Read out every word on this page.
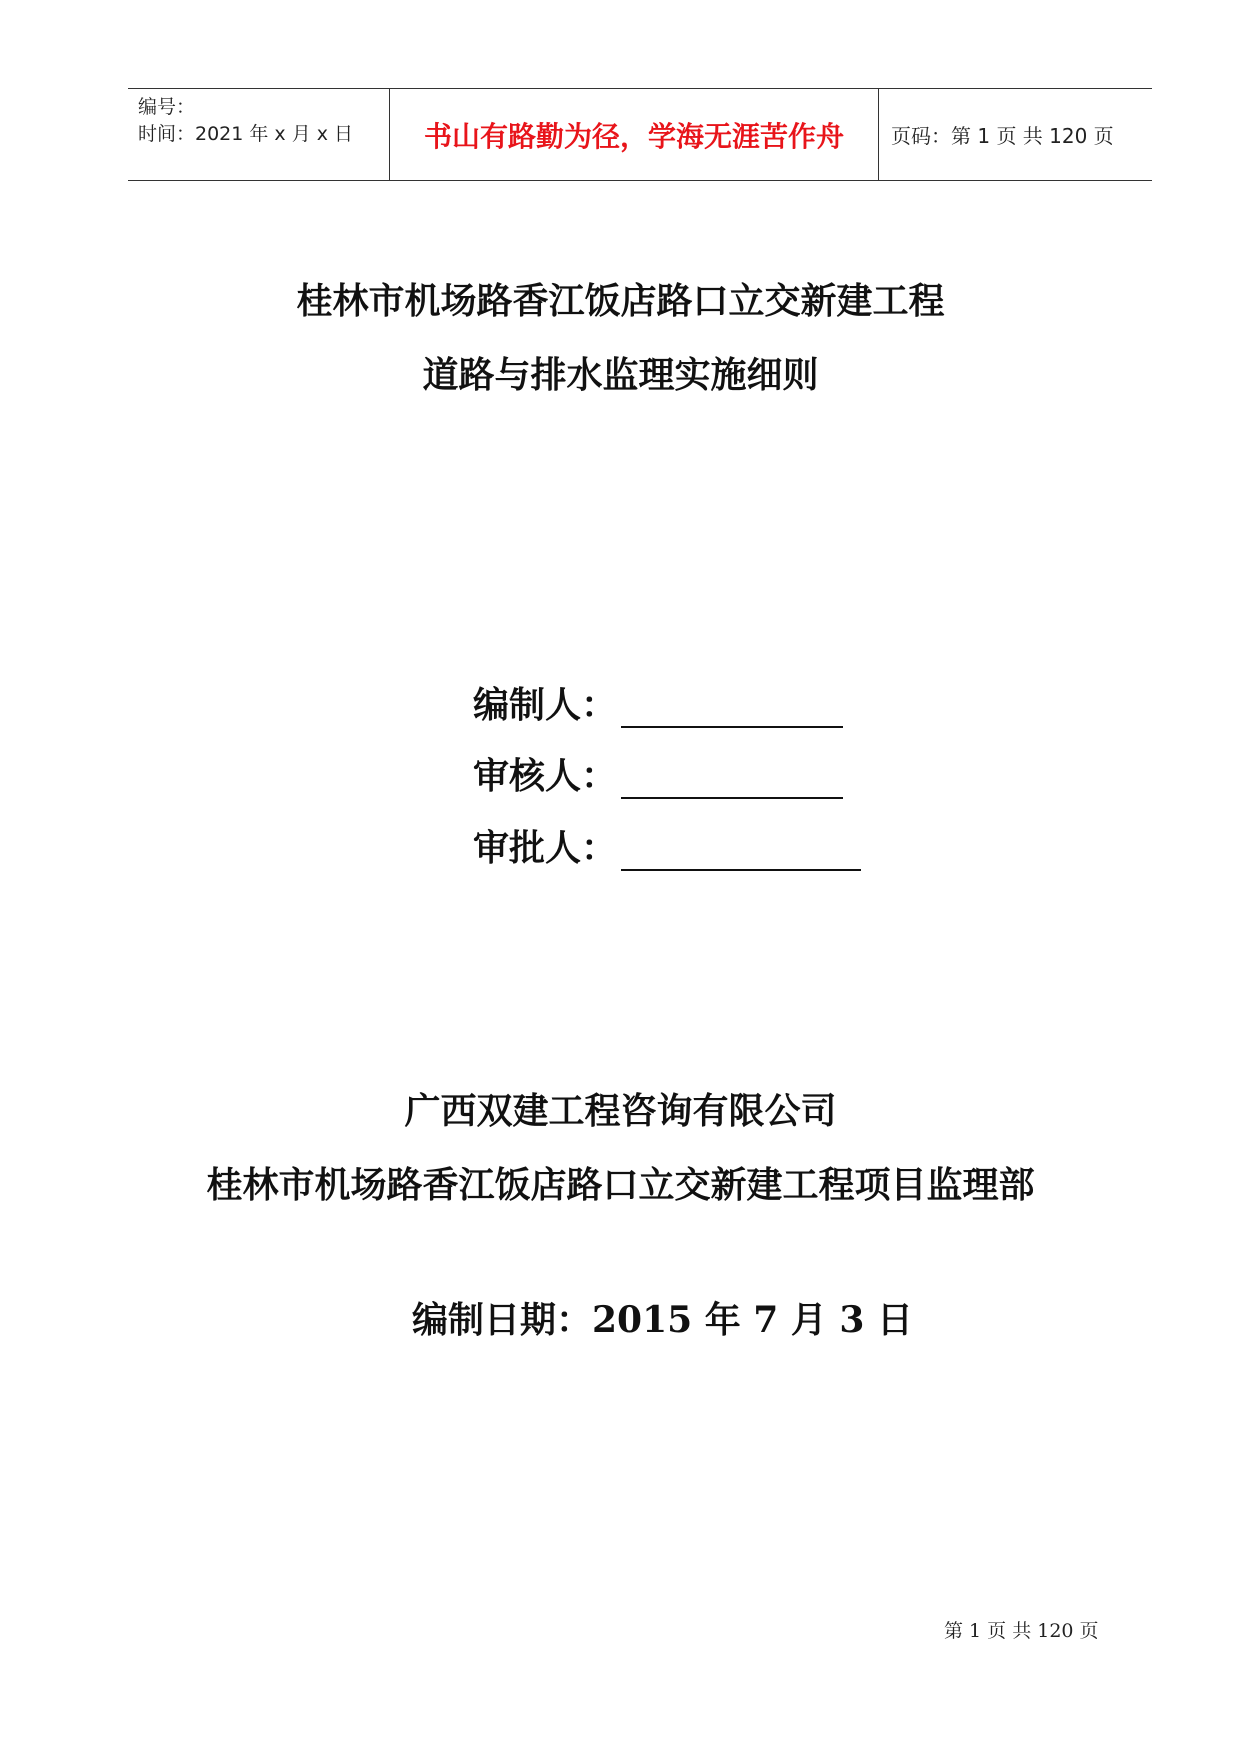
编号：
时间：2021 年 x 月 x 日	书山有路勤为径，学海无涯苦作舟 页码：第 1 页 共 120 页
桂林市机场路香江饭店路口立交新建工程
道路与排水监理实施细则
编制人：
审核人：
审批人：
广西双建工程咨询有限公司
桂林市机场路香江饭店路口立交新建工程项目监理部
编制日期：2015 年 7 月 3 日
第 1 页 共 120 页
